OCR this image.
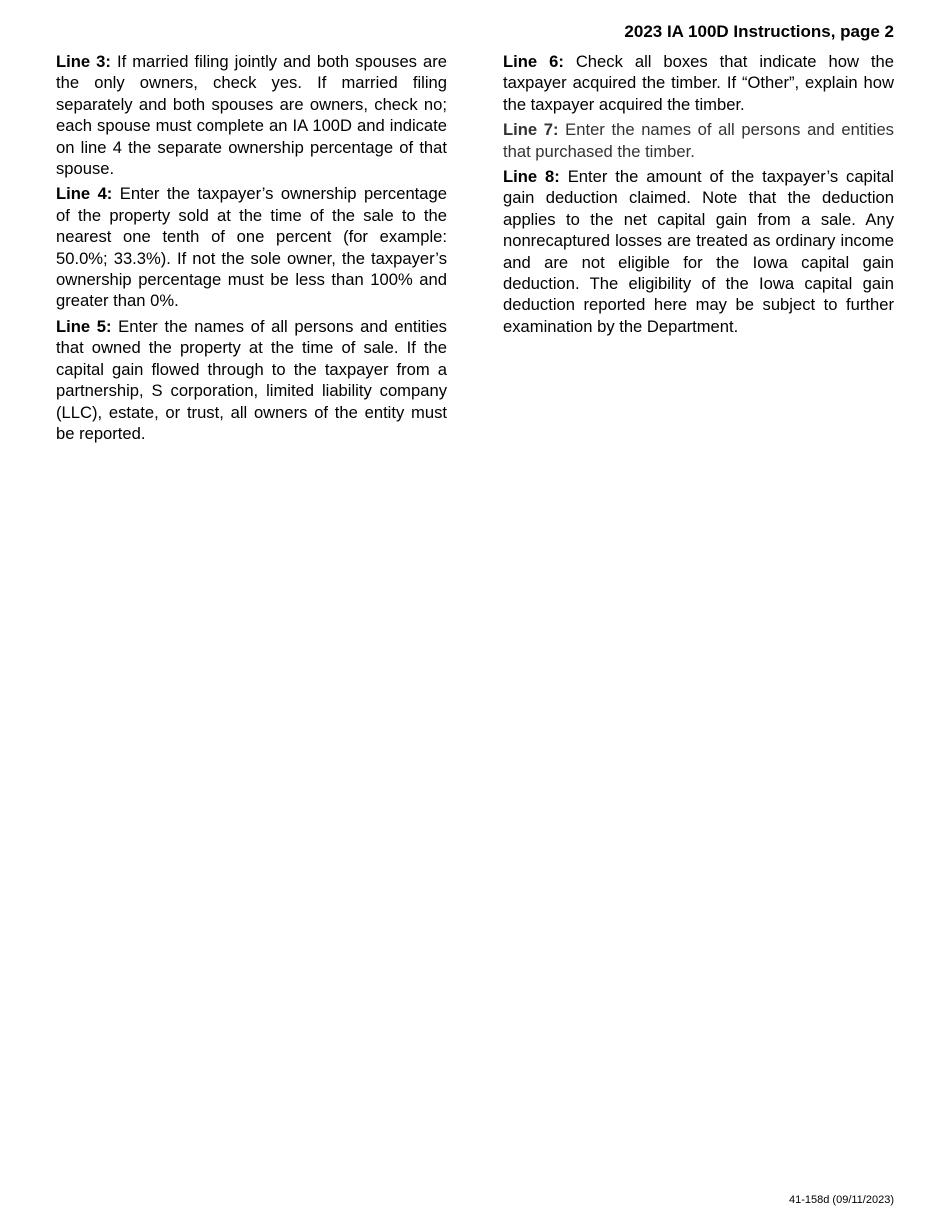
2023 IA 100D Instructions, page 2

Line 3: If married filing jointly and both spouses are the only owners, check yes. If married filing separately and both spouses are owners, check no; each spouse must complete an IA 100D and indicate on line 4 the separate ownership percentage of that spouse.

Line 4: Enter the taxpayer’s ownership percentage of the property sold at the time of the sale to the nearest one tenth of one percent (for example: 50.0%; 33.3%). If not the sole owner, the taxpayer’s ownership percentage must be less than 100% and greater than 0%.

Line 5: Enter the names of all persons and entities that owned the property at the time of sale. If the capital gain flowed through to the taxpayer from a partnership, S corporation, limited liability company (LLC), estate, or trust, all owners of the entity must be reported.

Line 6: Check all boxes that indicate how the taxpayer acquired the timber. If “Other”, explain how the taxpayer acquired the timber.

Line 7: Enter the names of all persons and entities that purchased the timber.

Line 8: Enter the amount of the taxpayer’s capital gain deduction claimed. Note that the deduction applies to the net capital gain from a sale. Any nonrecaptured losses are treated as ordinary income and are not eligible for the Iowa capital gain deduction. The eligibility of the Iowa capital gain deduction reported here may be subject to further examination by the Department.

41-158d (09/11/2023)
